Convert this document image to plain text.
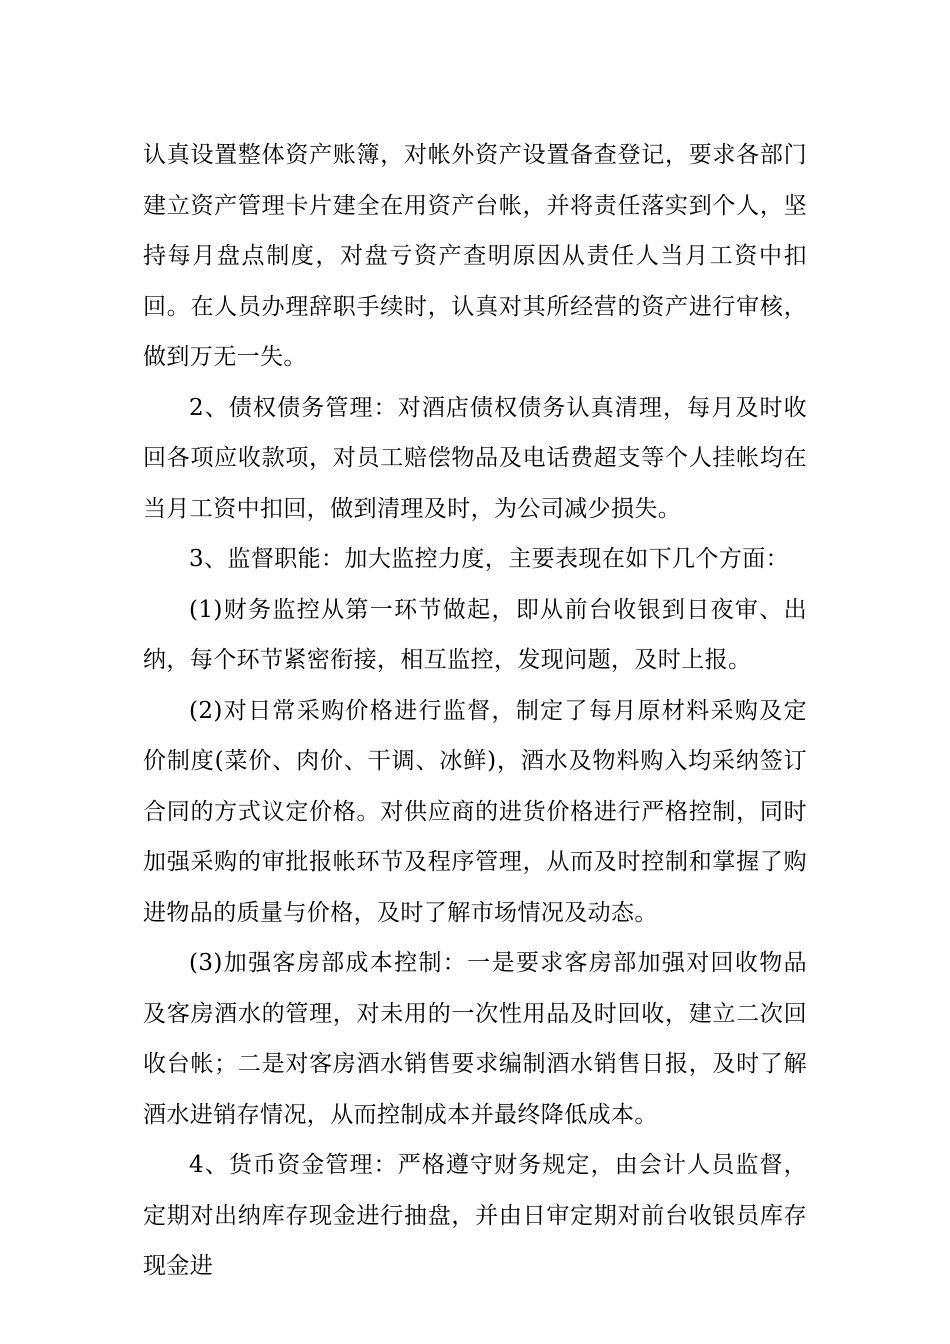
认真设置整体资产账簿，对帐外资产设置备查登记，要求各部门建立资产管理卡片建全在用资产台帐，并将责任落实到个人，坚持每月盘点制度，对盘亏资产查明原因从责任人当月工资中扣回。在人员办理辞职手续时，认真对其所经营的资产进行审核，做到万无一失。

2、债权债务管理：对酒店债权债务认真清理，每月及时收回各项应收款项，对员工赔偿物品及电话费超支等个人挂帐均在当月工资中扣回，做到清理及时，为公司减少损失。

3、监督职能：加大监控力度，主要表现在如下几个方面：

(1)财务监控从第一环节做起，即从前台收银到日夜审、出纳，每个环节紧密衔接，相互监控，发现问题，及时上报。

(2)对日常采购价格进行监督，制定了每月原材料采购及定价制度(菜价、肉价、干调、冰鲜)，酒水及物料购入均采纳签订合同的方式议定价格。对供应商的进货价格进行严格控制，同时加强采购的审批报帐环节及程序管理，从而及时控制和掌握了购进物品的质量与价格，及时了解市场情况及动态。

(3)加强客房部成本控制：一是要求客房部加强对回收物品及客房酒水的管理，对未用的一次性用品及时回收，建立二次回收台帐；二是对客房酒水销售要求编制酒水销售日报，及时了解酒水进销存情况，从而控制成本并最终降低成本。

4、货币资金管理：严格遵守财务规定，由会计人员监督，定期对出纳库存现金进行抽盘，并由日审定期对前台收银员库存现金进
